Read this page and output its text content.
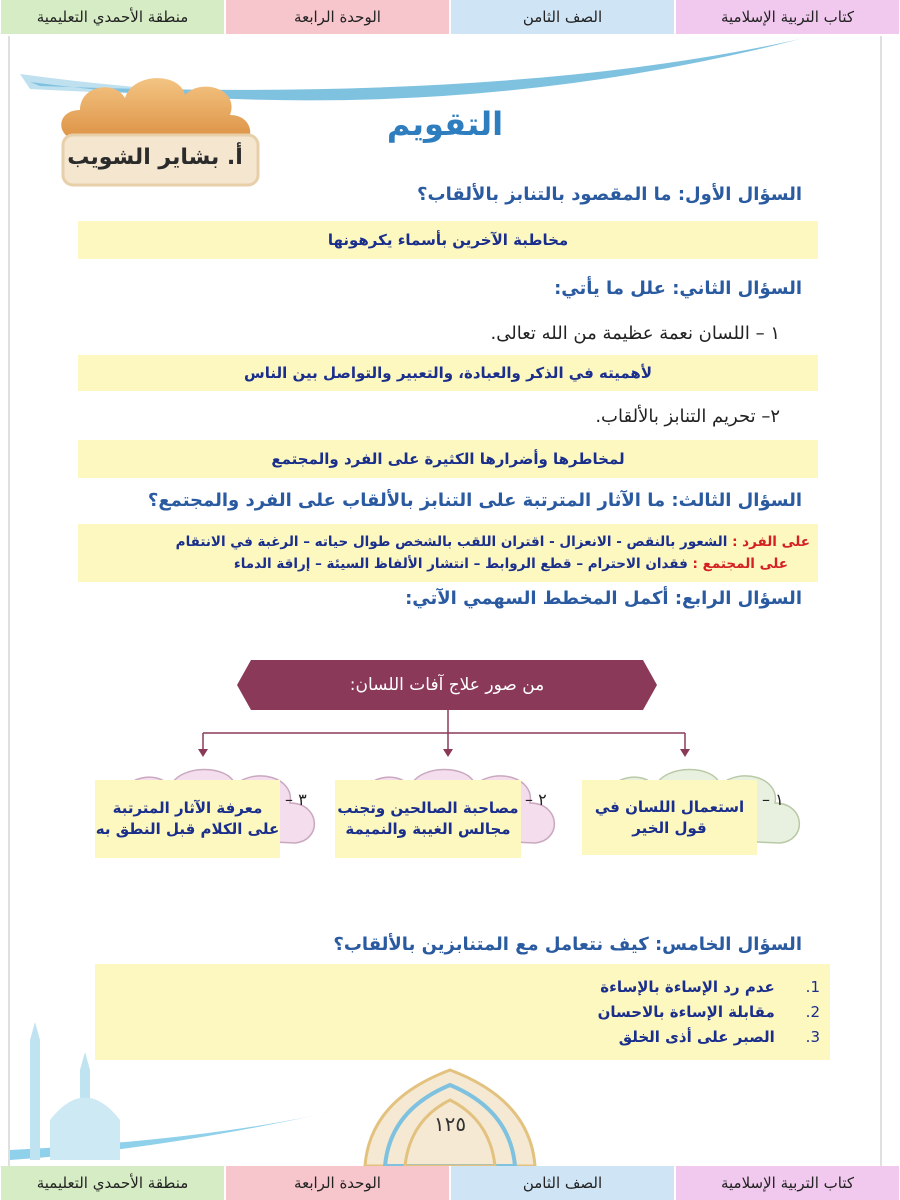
كتاب التربية الإسلامية
الصف الثامن
الوحدة الرابعة
منطقة الأحمدي التعليمية
أ. بشاير الشويب
التقويم
السؤال الأول: ما المقصود بالتنابز بالألقاب؟
مخاطبة الآخرين بأسماء يكرهونها
السؤال الثاني: علل ما يأتي:
١ – اللسان نعمة عظيمة من الله تعالى.
لأهميته في الذكر والعبادة، والتعبير والتواصل بين الناس
٢– تحريم التنابز بالألقاب.
لمخاطرها وأضرارها الكثيرة على الفرد والمجتمع
السؤال الثالث: ما الآثار المترتبة على التنابز بالألقاب على الفرد والمجتمع؟
على الفرد : الشعور بالنقص - الانعزال - اقتران اللقب بالشخص طوال حياته – الرغبة في الانتقام
على المجتمع : فقدان الاحترام – قطع الروابط – انتشار الألفاظ السيئة – إراقة الدماء
السؤال الرابع: أكمل المخطط السهمي الآتي:
من صور علاج آفات اللسان:
١ –
استعمال اللسان في قول الخير
٢ –
مصاحبة الصالحين وتجنب مجالس الغيبة والنميمة
٣ –
معرفة الآثار المترتبة على الكلام قبل النطق به
السؤال الخامس: كيف نتعامل مع المتنابزين بالألقاب؟
1. عدم رد الإساءة بالإساءة
2. مقابلة الإساءة بالاحسان
3. الصبر على أذى الخلق
١٢٥
كتاب التربية الإسلامية
الصف الثامن
الوحدة الرابعة
منطقة الأحمدي التعليمية
